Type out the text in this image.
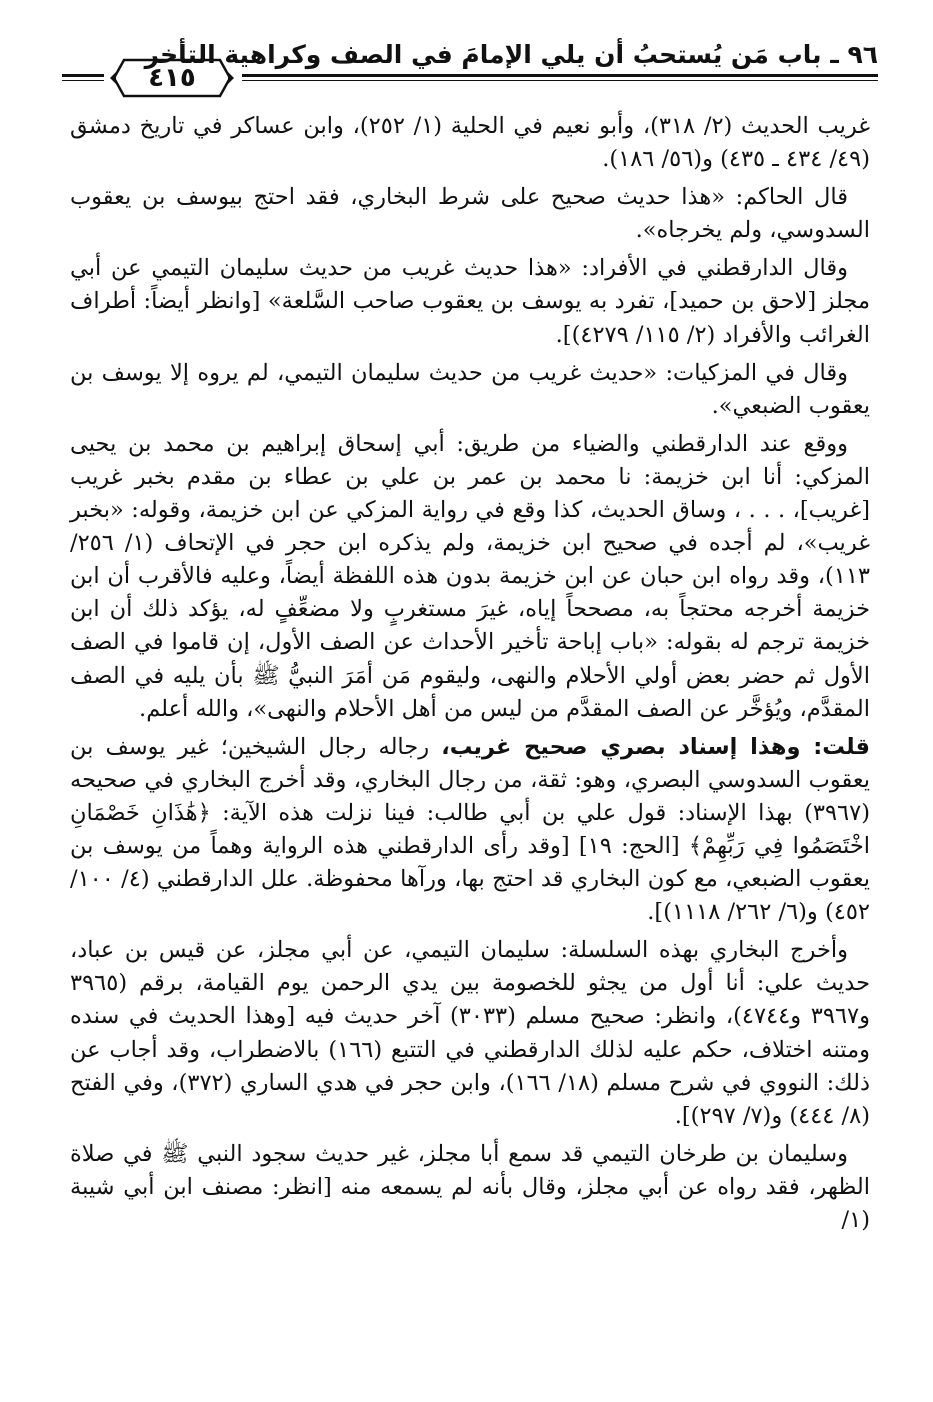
٩٦ ـ باب مَن يُستحبُ أن يلي الإمامَ في الصف وكراهية التأخر
٤١٥

غريب الحديث (٢/ ٣١٨)، وأبو نعيم في الحلية (١/ ٢٥٢)، وابن عساكر في تاريخ دمشق (٤٩/ ٤٣٤ ـ ٤٣٥) و(٥٦/ ١٨٦).

قال الحاكم: «هذا حديث صحيح على شرط البخاري، فقد احتج بيوسف بن يعقوب السدوسي، ولم يخرجاه».

وقال الدارقطني في الأفراد: «هذا حديث غريب من حديث سليمان التيمي عن أبي مجلز [لاحق بن حميد]، تفرد به يوسف بن يعقوب صاحب السَّلعة» [وانظر أيضاً: أطراف الغرائب والأفراد (٢/ ١١٥/ ٤٢٧٩)].

وقال في المزكيات: «حديث غريب من حديث سليمان التيمي، لم يروه إلا يوسف بن يعقوب الضبعي».

ووقع عند الدارقطني والضياء من طريق: أبي إسحاق إبراهيم بن محمد بن يحيى المزكي: أنا ابن خزيمة: نا محمد بن عمر بن علي بن عطاء بن مقدم بخبر غريب [غريب]، . . . ، وساق الحديث، كذا وقع في رواية المزكي عن ابن خزيمة، وقوله: «بخبر غريب»، لم أجده في صحيح ابن خزيمة، ولم يذكره ابن حجر في الإتحاف (١/ ٢٥٦/ ١١٣)، وقد رواه ابن حبان عن ابن خزيمة بدون هذه اللفظة أيضاً، وعليه فالأقرب أن ابن خزيمة أخرجه محتجاً به، مصححاً إياه، غيرَ مستغربٍ ولا مضعِّفٍ له، يؤكد ذلك أن ابن خزيمة ترجم له بقوله: «باب إباحة تأخير الأحداث عن الصف الأول، إن قاموا في الصف الأول ثم حضر بعض أولي الأحلام والنهى، وليقوم مَن أمَرَ النبيُّ ﷺ بأن يليه في الصف المقدَّم، ويُؤخَّر عن الصف المقدَّم من ليس من أهل الأحلام والنهى»، والله أعلم.

قلت: وهذا إسناد بصري صحيح غريب، رجاله رجال الشيخين؛ غير يوسف بن يعقوب السدوسي البصري، وهو: ثقة، من رجال البخاري، وقد أخرج البخاري في صحيحه (٣٩٦٧) بهذا الإسناد: قول علي بن أبي طالب: فينا نزلت هذه الآية: ﴿هَٰذَانِ خَصْمَانِ اخْتَصَمُوا فِي رَبِّهِمْ﴾ [الحج: ١٩] [وقد رأى الدارقطني هذه الرواية وهماً من يوسف بن يعقوب الضبعي، مع كون البخاري قد احتج بها، ورآها محفوظة. علل الدارقطني (٤/ ١٠٠/ ٤٥٢) و(٦/ ٢٦٢/ ١١١٨)].

وأخرج البخاري بهذه السلسلة: سليمان التيمي، عن أبي مجلز، عن قيس بن عباد، حديث علي: أنا أول من يجثو للخصومة بين يدي الرحمن يوم القيامة، برقم (٣٩٦٥ و٣٩٦٧ و٤٧٤٤)، وانظر: صحيح مسلم (٣٠٣٣) آخر حديث فيه [وهذا الحديث في سنده ومتنه اختلاف، حكم عليه لذلك الدارقطني في التتبع (١٦٦) بالاضطراب، وقد أجاب عن ذلك: النووي في شرح مسلم (١٨/ ١٦٦)، وابن حجر في هدي الساري (٣٧٢)، وفي الفتح (٨/ ٤٤٤) و(٧/ ٢٩٧)].

وسليمان بن طرخان التيمي قد سمع أبا مجلز، غير حديث سجود النبي ﷺ في صلاة الظهر، فقد رواه عن أبي مجلز، وقال بأنه لم يسمعه منه [انظر: مصنف ابن أبي شيبة (١/
